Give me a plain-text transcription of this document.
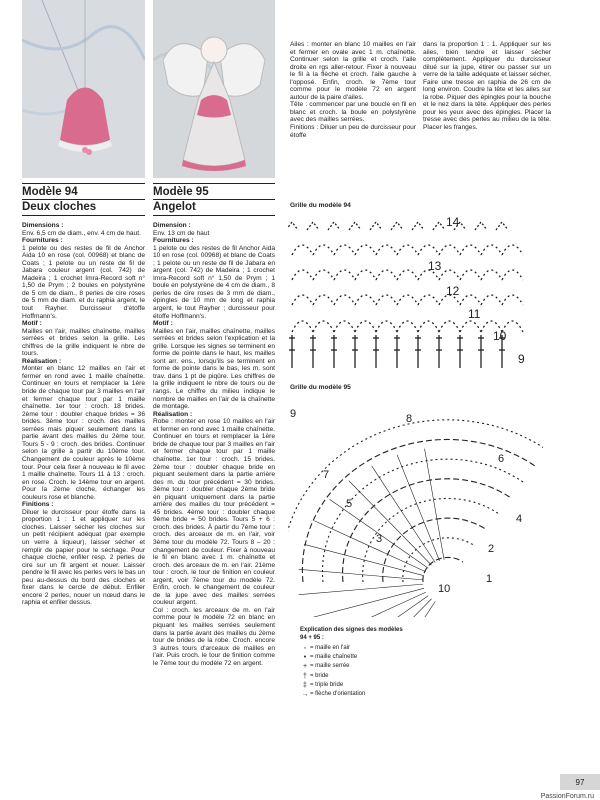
Ailes : monter en blanc 10 mailles en l'air et fermer en ovale avec 1 m. chaînette. Continuer selon la grille et croch. l'aile droite en rgs aller-retour. Fixer à nouveau le fil à la flèche et croch. l'aile gauche à l'opposé. Enfin, croch. le 7ème tour comme pour le modèle 72 en argent autour de la paire d'ailes.

Tête : commencer par une boucle en fil en blanc et croch. la boule en polystyrène avec des mailles serrées.

Finitions : Diluer un peu de durcisseur pour étoffe

dans la proportion 1 : 1. Appliquer sur les ailes, bien tendre et laisser sécher complètement. Appliquer du durcisseur dilué sur la jupe, étirer ou passer sur un verre de la taille adéquate et laisser sécher. Faire une tresse en raphia de 26 cm de long environ. Coudre la tête et les ailes sur la robe. Piquer des épingles pour la bouche et le nez dans la tête. Appliquer des perles pour les yeux avec des épingles. Placer la tresse avec des perles au milieu de la tête. Placer les franges.

Modèle 94
Deux cloches

Dimensions :

Env. 6,5 cm de diam., env. 4 cm de haut.

Fournitures :

1 pelote ou des restes de fil de Anchor Aida 10 en rose (col. 00968) et blanc de Coats ; 1 pelote ou un reste de fil de Jabara couleur argent (col. 742) de Madeira ; 1 crochet Imra-Record soft n° 1,50 de Prym ; 2 boules en polystyrène de 5 cm de diam., 8 perles de cire roses de 5 mm de diam. et du raphia argent, le tout Rayher. Durcisseur d'étoffe Hoffmann's.

Motif :

Mailles en l'air, mailles chaînette, mailles serrées et brides selon la grille. Les chiffres de la grille indiquent le nbre de tours.

Réalisation :

Monter en blanc 12 mailles en l'air et fermer en rond avec 1 maille chaînette. Continuer en tours et remplacer la 1ère bride de chaque tour par 3 mailles en l'air et fermer chaque tour par 1 maille chaînette. 1er tour : croch. 18 brides. 2ème tour : doubler chaque brides = 36 brides. 3ème tour : croch. des mailles serrées mais piquer seulement dans la partie avant des mailles du 2ème tour. Tours 5 - 9 : croch. des brides. Continuer selon la grille à partir du 10ème tour. Changement de couleur après le 10ème tour. Pour cela fixer à nouveau le fil avec 1 maille chaînette. Tours 11 à 13 : croch. en rose. Croch. le 14ème tour en argent. Pour la 2ème cloche, échanger les couleurs rose et blanche.

Finitions :

Diluer le durcisseur pour étoffe dans la proportion 1 : 1 et appliquer sur les cloches. Laisser sécher les cloches sur un petit récipient adéquat (par exemple un verre à liqueur), laisser sécher et remplir de papier pour le séchage. Pour chaque cloche, enfiler resp. 2 perles de cire sur un fil argent et nouer. Laisser pendre le fil avec les perles vers le bas un peu au-dessus du bord des cloches et fixer dans le cercle de début. Enfiler encore 2 perles, nouer un nœud dans le raphia et enfiler dessus.

Modèle 95
Angelot

Dimension :

Env. 13 cm de haut

Fournitures :

1 pelote ou des restes de fil Anchor Aida 10 en rose (col. 00968) et blanc de Coats ; 1 pelote ou un reste de fil de Jabara en argent (col. 742) de Madeira ; 1 crochet Imra-Record soft n° 1,50 de Prym ; 1 boule en polystyrène de 4 cm de diam., 8 perles de cire roses de 3 mm de diam., épingles de 10 mm de long et raphia argent, le tout Rayher ; durcisseur pour étoffe Hoffmann's.

Motif :

Mailles en l'air, mailles chaînette, mailles serrées et brides selon l'explication et la grille. Lorsque les signes se terminent en forme de pointe dans le haut, les mailles sont arr. ens., lorsqu'ils se terminent en forme de pointe dans le bas, les m. sont trav. dans 1 pt de piqûre. Les chiffres de la grille indiquent le nbre de tours ou de rangs. Le chiffre du milieu indique le nombre de mailles en l'air de la chaînette de montage.

Réalisation :

Robe : monter en rose 10 mailles en l'air et fermer en rond avec 1 maille chaînette. Continuer en tours et remplacer la 1ère bride de chaque tour par 3 mailles en l'air et fermer chaque tour par 1 maille chaînette. 1er tour : croch. 15 brides. 2ème tour : doubler chaque bride en piquant seulement dans la partie arrière des m. du tour précédent = 30 brides. 3ème tour : doubler chaque 2ème bride en piquant uniquement dans la partie arrière des mailles du tour précédent = 45 brides. 4ème tour : doubler chaque 9ème bride = 50 brides. Tours 5 + 6 : croch. des brides. À partir du 7ème tour : croch. des arceaux de m. en l'air, voir 3ème tour du modèle 72. Tours 8 – 20 : changement de couleur. Fixer à nouveau le fil en blanc avec 1 m. chaînette et croch. des arceaux de m. en l'air. 21ème tour : croch. le tour de finition en couleur argent, voir 7ème tour du modèle 72. Enfin, croch. le changement de couleur de la jupe avec des mailles serrées couleur argent.

Col : croch. les arceaux de m. en l'air comme pour le modèle 72 en blanc en piquant les mailles serrées seulement dans la partie avant des mailles du 2ème tour de brides de la robe. Croch. encore 3 autres tours d'arceaux de mailles en l'air. Puis croch. le tour de finition comme le 7ème tour du modèle 72 en argent.

Grille du modèle 94
14
13
12
11
10
9
Grille du modèle 95
8
7
6
5
4
3
2
1
10
9
Explication des signes des modèles 94 + 95 :
◦ = maille en l'air
• = maille chaînette
+ = maille serrée
† = bride
‡ = triple bride
→ = flèche d'orientation
97
PassionForum.ru
